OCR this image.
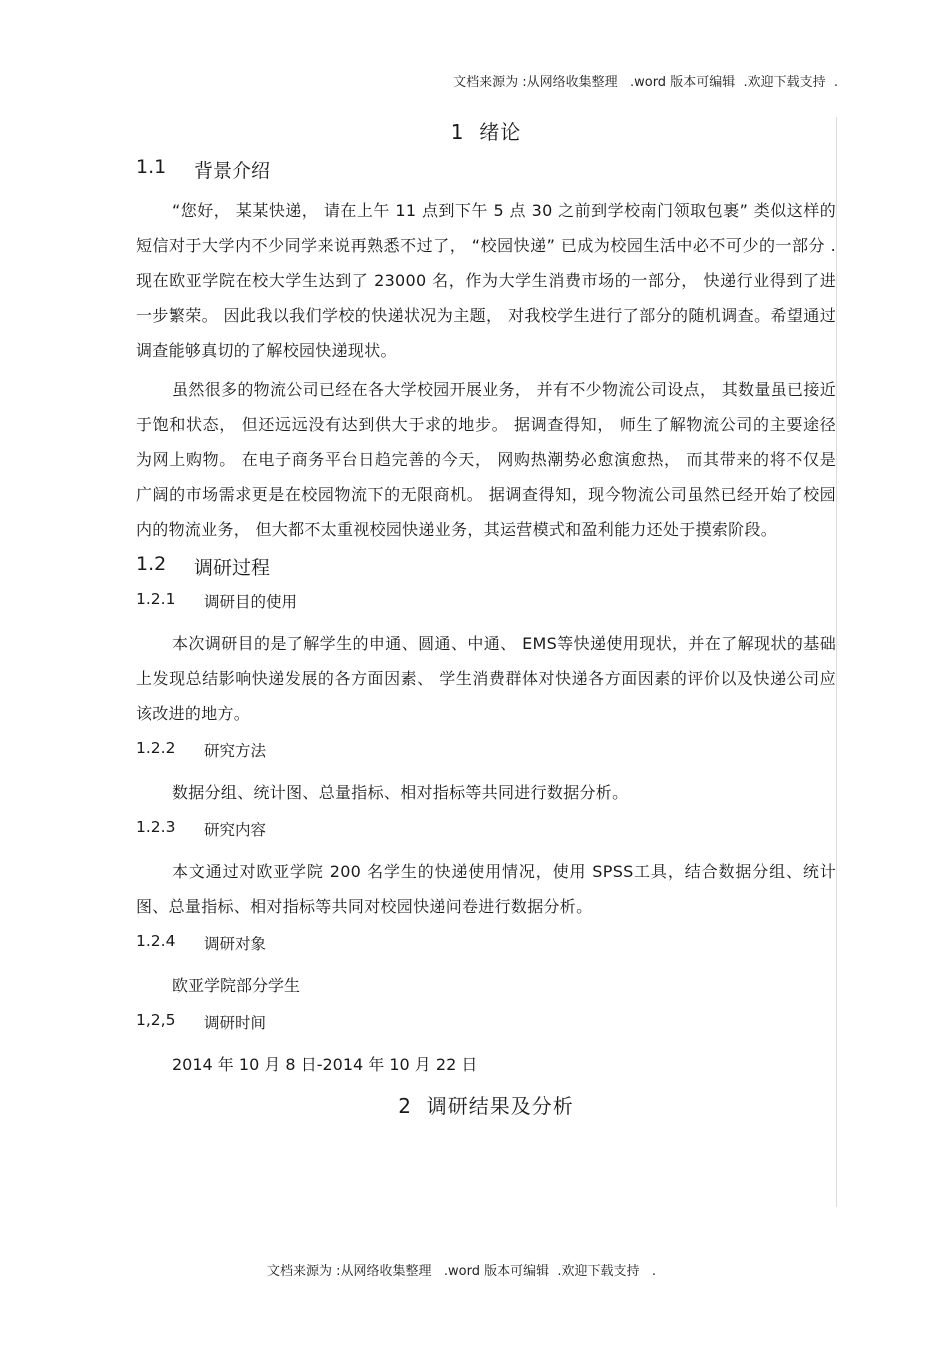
文档来源为 :从网络收集整理   .word 版本可编辑  .欢迎下载支持  .
1 绪论
1.1	背景介绍

“您好， 某某快递， 请在上午 11 点到下午 5 点 30 之前到学校南门领取包裹” 类似这样的短信对于大学内不少同学来说再熟悉不过了， “校园快递” 已成为校园生活中必不可少的一部分 . 现在欧亚学院在校大学生达到了 23000 名，作为大学生消费市场的一部分， 快递行业得到了进一步繁荣。 因此我以我们学校的快递状况为主题， 对我校学生进行了部分的随机调查。希望通过调查能够真切的了解校园快递现状。

虽然很多的物流公司已经在各大学校园开展业务， 并有不少物流公司设点， 其数量虽已接近于饱和状态， 但还远远没有达到供大于求的地步。 据调查得知， 师生了解物流公司的主要途径为网上购物。 在电子商务平台日趋完善的今天， 网购热潮势必愈演愈热， 而其带来的将不仅是广阔的市场需求更是在校园物流下的无限商机。 据调查得知，现今物流公司虽然已经开始了校园内的物流业务， 但大都不太重视校园快递业务，其运营模式和盈利能力还处于摸索阶段。

1.2	调研过程
1.2.1	调研目的使用

本次调研目的是了解学生的申通、圆通、中通、 EMS等快递使用现状，并在了解现状的基础上发现总结影响快递发展的各方面因素、 学生消费群体对快递各方面因素的评价以及快递公司应该改进的地方。

1.2.2	研究方法

数据分组、统计图、总量指标、相对指标等共同进行数据分析。

1.2.3	研究内容

本文通过对欧亚学院 200 名学生的快递使用情况，使用 SPSS工具，结合数据分组、统计图、总量指标、相对指标等共同对校园快递问卷进行数据分析。

1.2.4	调研对象

欧亚学院部分学生

1,2,5	调研时间

2014 年 10 月 8 日-2014 年 10 月 22 日

2 调研结果及分析
文档来源为 :从网络收集整理   .word 版本可编辑  .欢迎下载支持   .
